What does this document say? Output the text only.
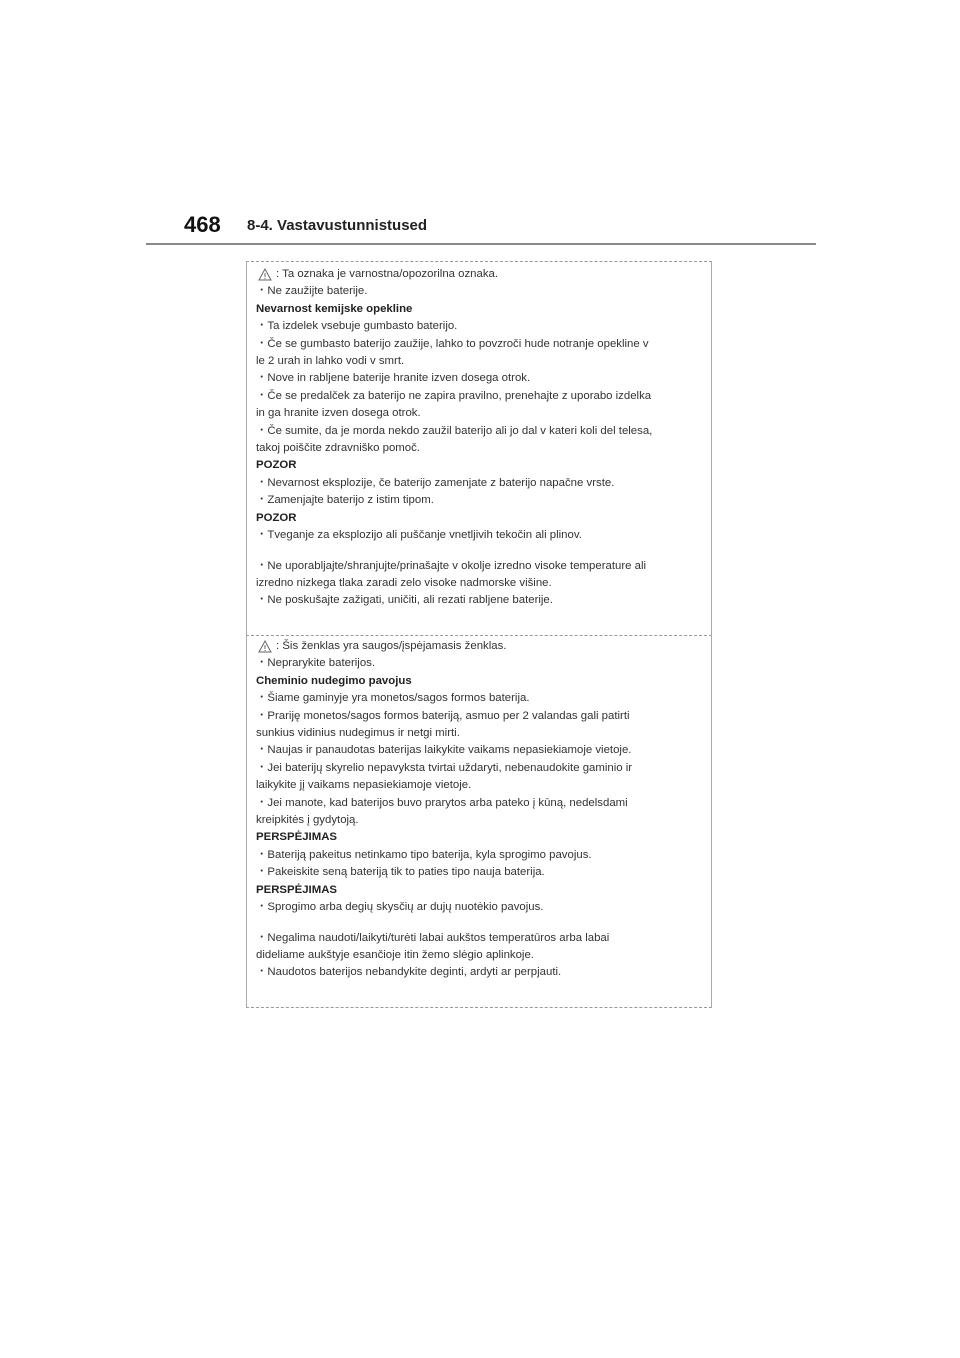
468 8-4. Vastavustunnistused
: Ta oznaka je varnostna/opozorilna oznaka.
・Ne zaužijte baterije.
Nevarnost kemijske opekline
・Ta izdelek vsebuje gumbasto baterijo.
・Če se gumbasto baterijo zaužije, lahko to povzroči hude notranje opekline v
le 2 urah in lahko vodi v smrt.
・Nove in rabljene baterije hranite izven dosega otrok.
・Če se predalček za baterijo ne zapira pravilno, prenehajte z uporabo izdelka
in ga hranite izven dosega otrok.
・Če sumite, da je morda nekdo zaužil baterijo ali jo dal v kateri koli del telesa,
takoj poiščite zdravniško pomoč.
POZOR
・Nevarnost eksplozije, če baterijo zamenjate z baterijo napačne vrste.
・Zamenjajte baterijo z istim tipom.
POZOR
・Tveganje za eksplozijo ali puščanje vnetljivih tekočin ali plinov.
・Ne uporabljajte/shranjujte/prinašajte v okolje izredno visoke temperature ali
izredno nizkega tlaka zaradi zelo visoke nadmorske višine.
・Ne poskušajte zažigati, uničiti, ali rezati rabljene baterije.
: Šis ženklas yra saugos/įspėjamasis ženklas.
・Neprarykite baterijos.
Cheminio nudegimo pavojus
・Šiame gaminyje yra monetos/sagos formos baterija.
・Prariję monetos/sagos formos bateriją, asmuo per 2 valandas gali patirti
sunkius vidinius nudegimus ir netgi mirti.
・Naujas ir panaudotas baterijas laikykite vaikams nepasiekiamoje vietoje.
・Jei baterijų skyrelio nepavyksta tvirtai uždaryti, nebenaudokite gaminio ir
laikykite jį vaikams nepasiekiamoje vietoje.
・Jei manote, kad baterijos buvo prarytos arba pateko į kūną, nedelsdami
kreipkitės į gydytoją.
PERSPĖJIMAS
・Bateriją pakeitus netinkamo tipo baterija, kyla sprogimo pavojus.
・Pakeiskite seną bateriją tik to paties tipo nauja baterija.
PERSPĖJIMAS
・Sprogimo arba degių skysčių ar dujų nuotėkio pavojus.
・Negalima naudoti/laikyti/turėti labai aukštos temperatūros arba labai
dideliame aukštyje esančioje itin žemo slėgio aplinkoje.
・Naudotos baterijos nebandykite deginti, ardyti ar perpjauti.
